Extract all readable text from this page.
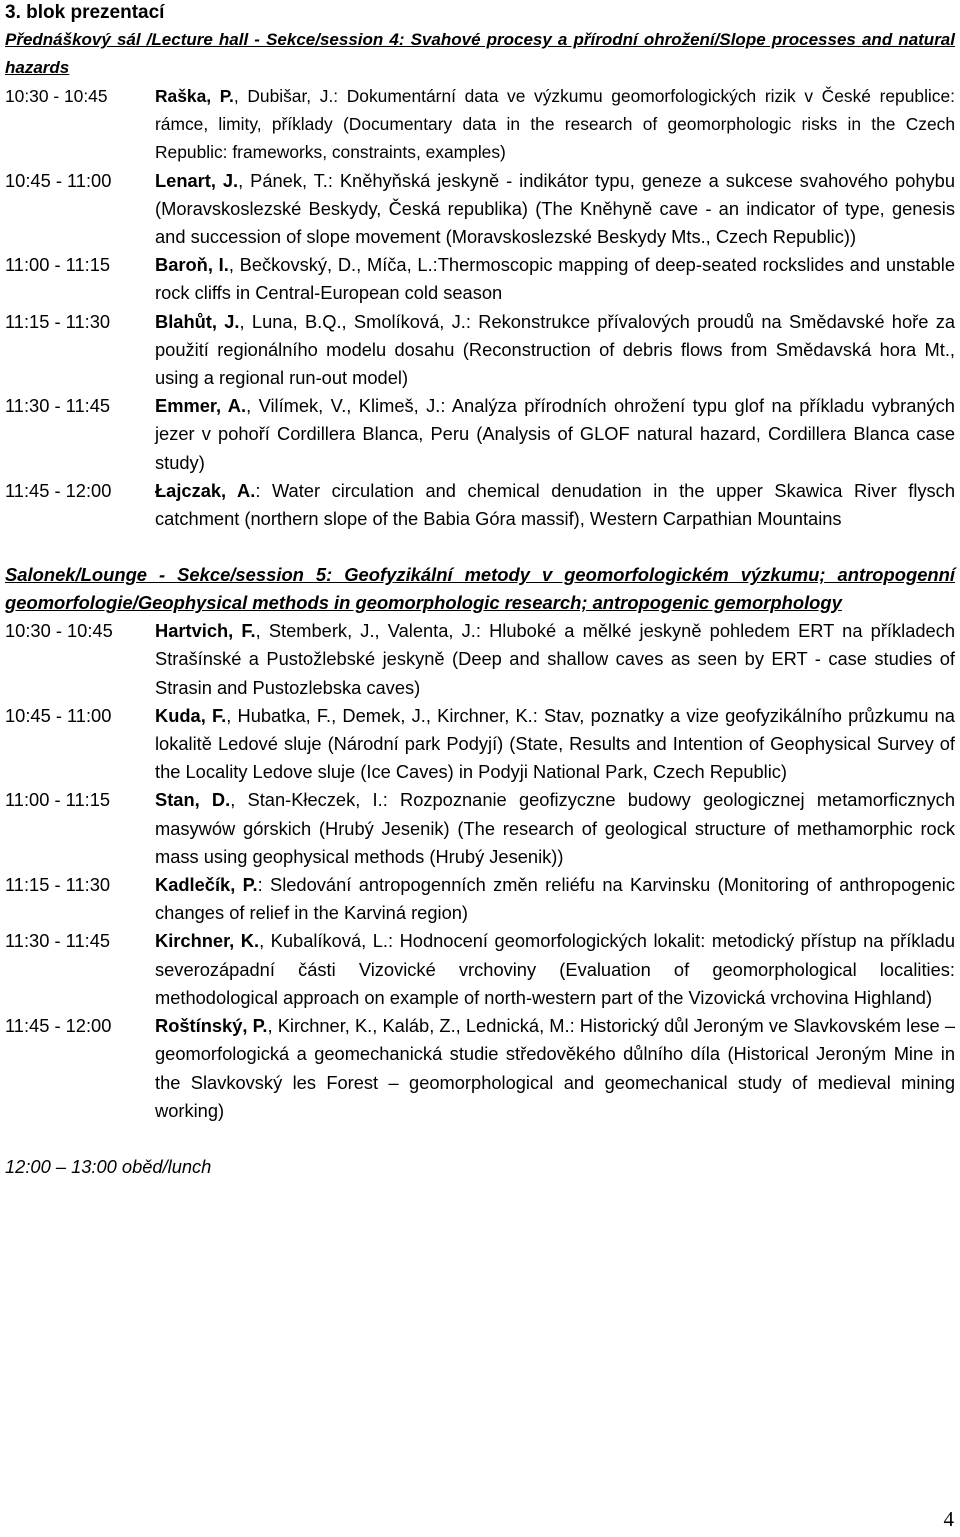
3. blok prezentací
Přednáškový sál /Lecture hall - Sekce/session 4: Svahové procesy a přírodní ohrožení/Slope processes and natural hazards
10:30 - 10:45	Raška, P., Dubišar, J.: Dokumentární data ve výzkumu geomorfologických rizik v České republice: rámce, limity, příklady (Documentary data in the research of geomorphologic risks in the Czech Republic: frameworks, constraints, examples)
10:45 - 11:00 Lenart, J., Pánek, T.: Kněhyňská jeskyně - indikátor typu, geneze a sukcese svahového pohybu (Moravskoslezské Beskydy, Česká republika) (The Kněhyně cave - an indicator of type, genesis and succession of slope movement (Moravskoslezské Beskydy Mts., Czech Republic))
11:00 - 11:15 Baroň, I., Bečkovský, D., Míča, L.:Thermoscopic mapping of deep-seated rockslides and unstable rock cliffs in Central-European cold season
11:15 - 11:30 Blahůt, J., Luna, B.Q., Smolíková, J.: Rekonstrukce přívalových proudů na Smědavské hoře za použití regionálního modelu dosahu (Reconstruction of debris flows from Smědavská hora Mt., using a regional run-out model)
11:30 - 11:45 Emmer, A., Vilímek, V., Klimeš, J.: Analýza přírodních ohrožení typu glof na příkladu vybraných jezer v pohoří Cordillera Blanca, Peru (Analysis of GLOF natural hazard, Cordillera Blanca case study)
11:45 - 12:00 Łajczak, A.: Water circulation and chemical denudation in the upper Skawica River flysch catchment (northern slope of the Babia Góra massif), Western Carpathian Mountains
Salonek/Lounge - Sekce/session 5: Geofyzikální metody v geomorfologickém výzkumu; antropogenní geomorfologie/Geophysical methods in geomorphologic research; antropogenic gemorphology
10:30 - 10:45 Hartvich, F., Stemberk, J., Valenta, J.: Hluboké a mělké jeskyně pohledem ERT na příkladech Strašínské a Pustožlebské jeskyně (Deep and shallow caves as seen by ERT - case studies of Strasin and Pustozlebska caves)
10:45 - 11:00 Kuda, F., Hubatka, F., Demek, J., Kirchner, K.: Stav, poznatky a vize geofyzikálního průzkumu na lokalitě Ledové sluje (Národní park Podyjí) (State, Results and Intention of Geophysical Survey of the Locality Ledove sluje (Ice Caves) in Podyji National Park, Czech Republic)
11:00 - 11:15 Stan, D., Stan-Kłeczek, I.: Rozpoznanie geofizyczne budowy geologicznej metamorficznych masywów górskich (Hrubý Jesenik) (The research of geological structure of methamorphic rock mass using geophysical methods (Hrubý Jesenik))
11:15 - 11:30 Kadlečík, P.: Sledování antropogenních změn reliéfu na Karvinsku (Monitoring of anthropogenic changes of relief in the Karviná region)
11:30 - 11:45 Kirchner, K., Kubalíková, L.: Hodnocení geomorfologických lokalit: metodický přístup na příkladu severozápadní části Vizovické vrchoviny (Evaluation of geomorphological localities: methodological approach on example of north-western part of the Vizovická vrchovina Highland)
11:45 - 12:00 Roštínský, P., Kirchner, K., Kaláb, Z., Lednická, M.: Historický důl Jeroným ve Slavkovském lese – geomorfologická a geomechanická studie středověkého důlního díla (Historical Jeroným Mine in the Slavkovský les Forest – geomorphological and geomechanical study of medieval mining working)
12:00 – 13:00 oběd/lunch
4
